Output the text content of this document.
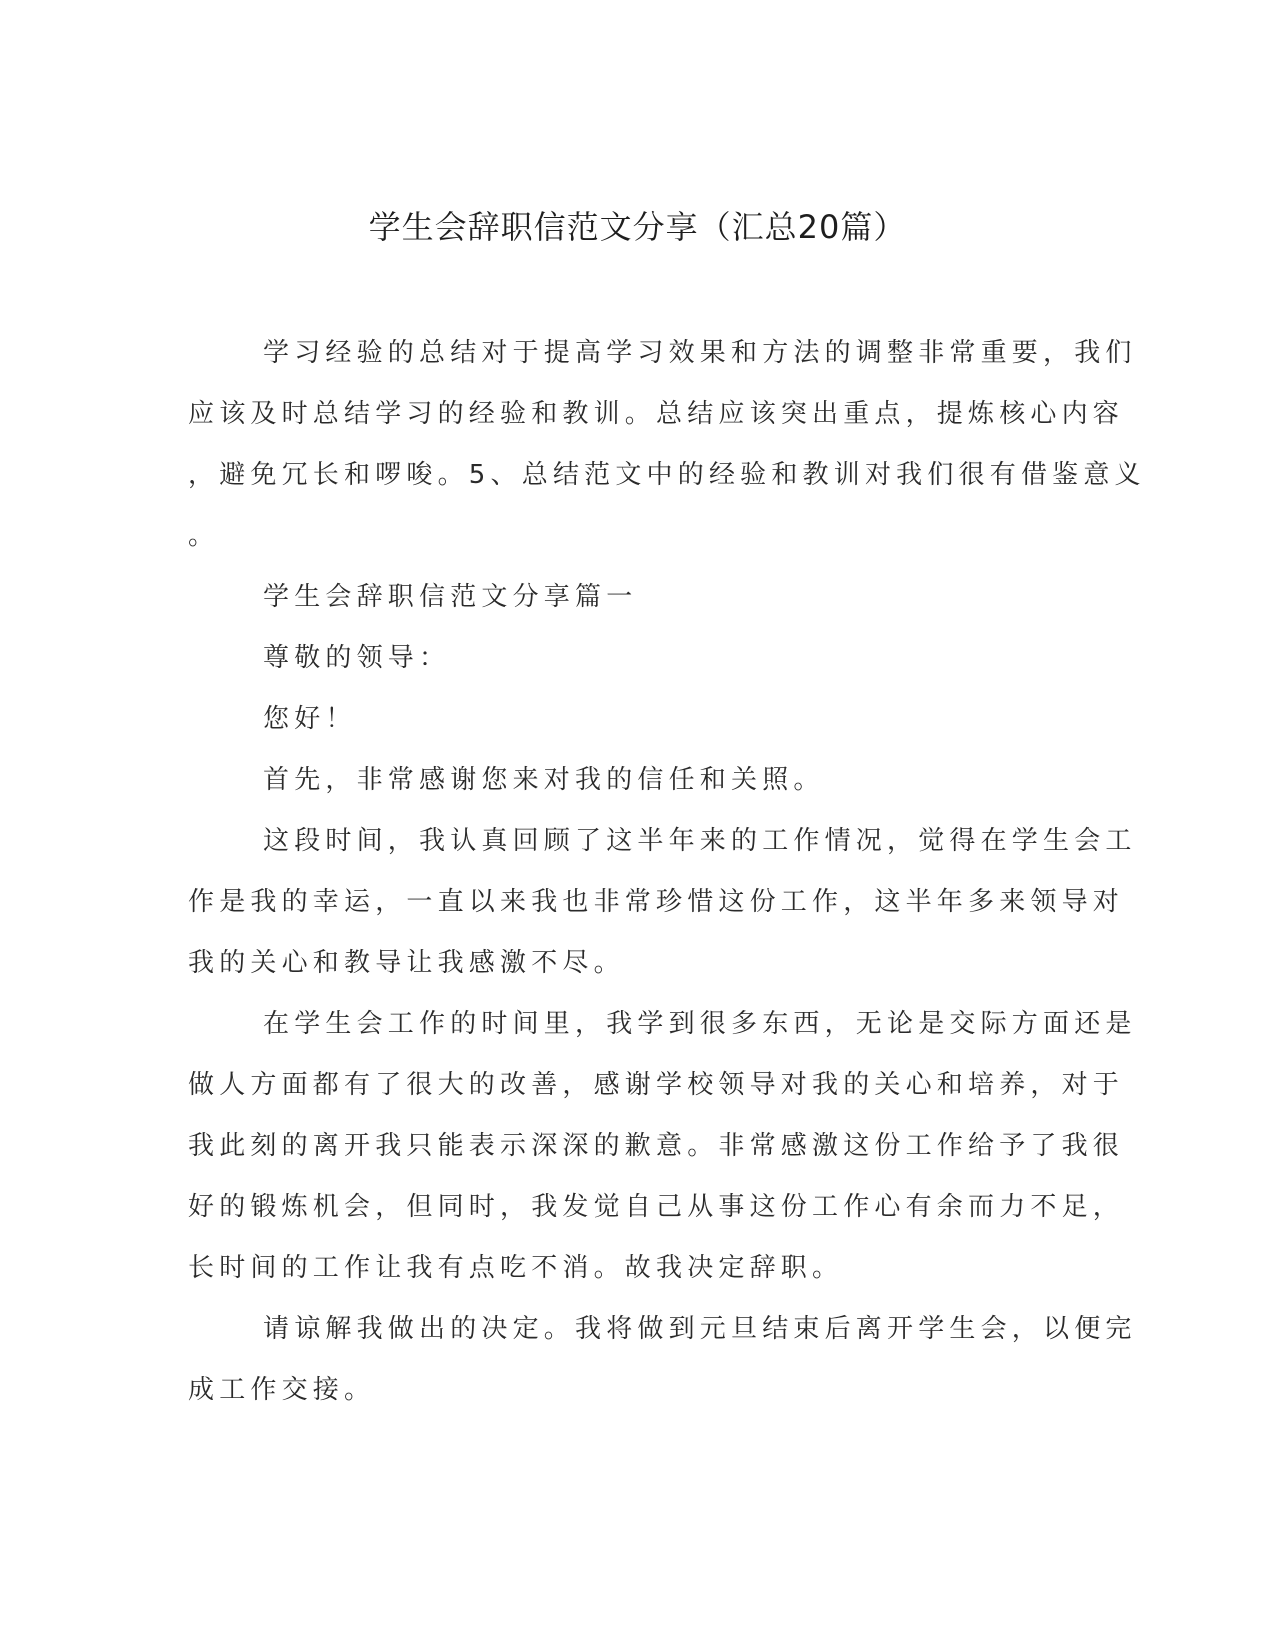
学生会辞职信范文分享（汇总20篇）

学习经验的总结对于提高学习效果和方法的调整非常重要，我们

应该及时总结学习的经验和教训。总结应该突出重点，提炼核心内容

，避免冗长和啰唆。5、总结范文中的经验和教训对我们很有借鉴意义

。

学生会辞职信范文分享篇一

尊敬的领导：

您好！

首先，非常感谢您来对我的信任和关照。

这段时间，我认真回顾了这半年来的工作情况，觉得在学生会工

作是我的幸运，一直以来我也非常珍惜这份工作，这半年多来领导对

我的关心和教导让我感激不尽。

在学生会工作的时间里，我学到很多东西，无论是交际方面还是

做人方面都有了很大的改善，感谢学校领导对我的关心和培养，对于

我此刻的离开我只能表示深深的歉意。非常感激这份工作给予了我很

好的锻炼机会，但同时，我发觉自己从事这份工作心有余而力不足，

长时间的工作让我有点吃不消。故我决定辞职。

请谅解我做出的决定。我将做到元旦结束后离开学生会，以便完

成工作交接。
